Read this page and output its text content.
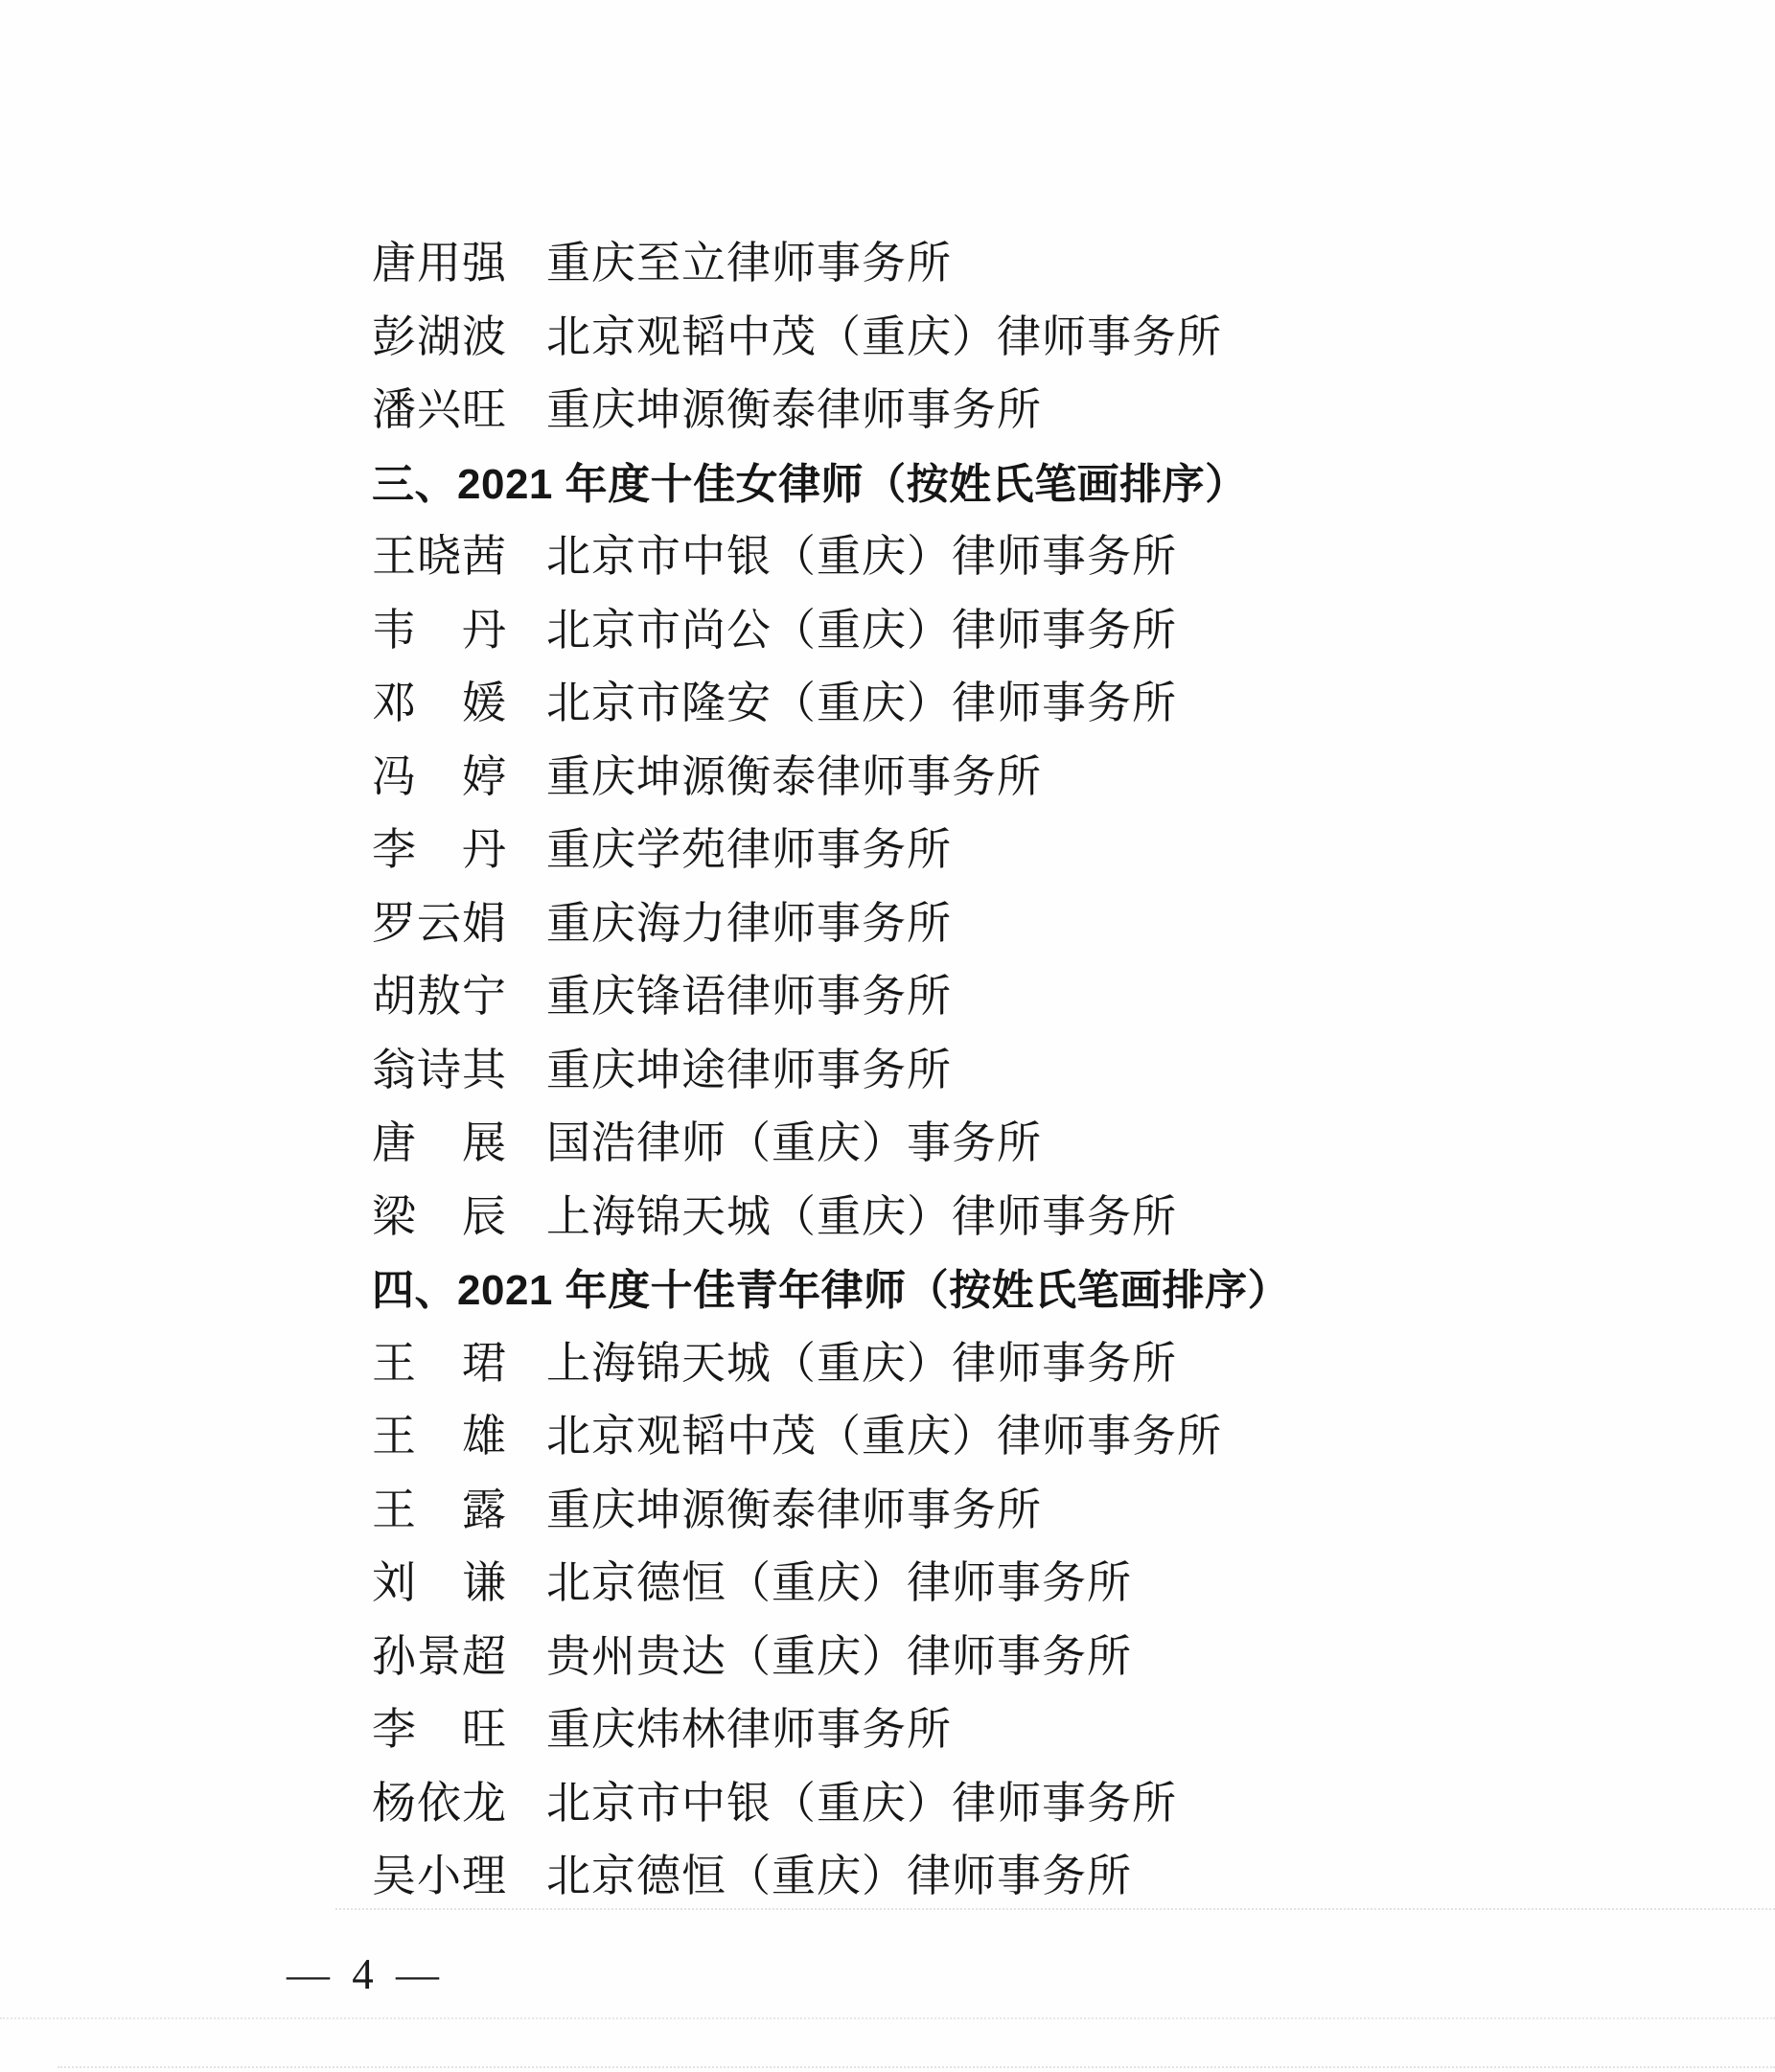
唐用强 重庆至立律师事务所
彭湖波 北京观韬中茂（重庆）律师事务所
潘兴旺 重庆坤源衡泰律师事务所
三、2021 年度十佳女律师（按姓氏笔画排序）
王晓茜 北京市中银（重庆）律师事务所
韦　丹 北京市尚公（重庆）律师事务所
邓　媛 北京市隆安（重庆）律师事务所
冯　婷 重庆坤源衡泰律师事务所
李　丹 重庆学苑律师事务所
罗云娟 重庆海力律师事务所
胡敖宁 重庆锋语律师事务所
翁诗其 重庆坤途律师事务所
唐　展 国浩律师（重庆）事务所
梁　辰 上海锦天城（重庆）律师事务所
四、2021 年度十佳青年律师（按姓氏笔画排序）
王　珺 上海锦天城（重庆）律师事务所
王　雄 北京观韬中茂（重庆）律师事务所
王　露 重庆坤源衡泰律师事务所
刘　谦 北京德恒（重庆）律师事务所
孙景超 贵州贵达（重庆）律师事务所
李　旺 重庆炜林律师事务所
杨依龙 北京市中银（重庆）律师事务所
吴小理 北京德恒（重庆）律师事务所
— 4 —
